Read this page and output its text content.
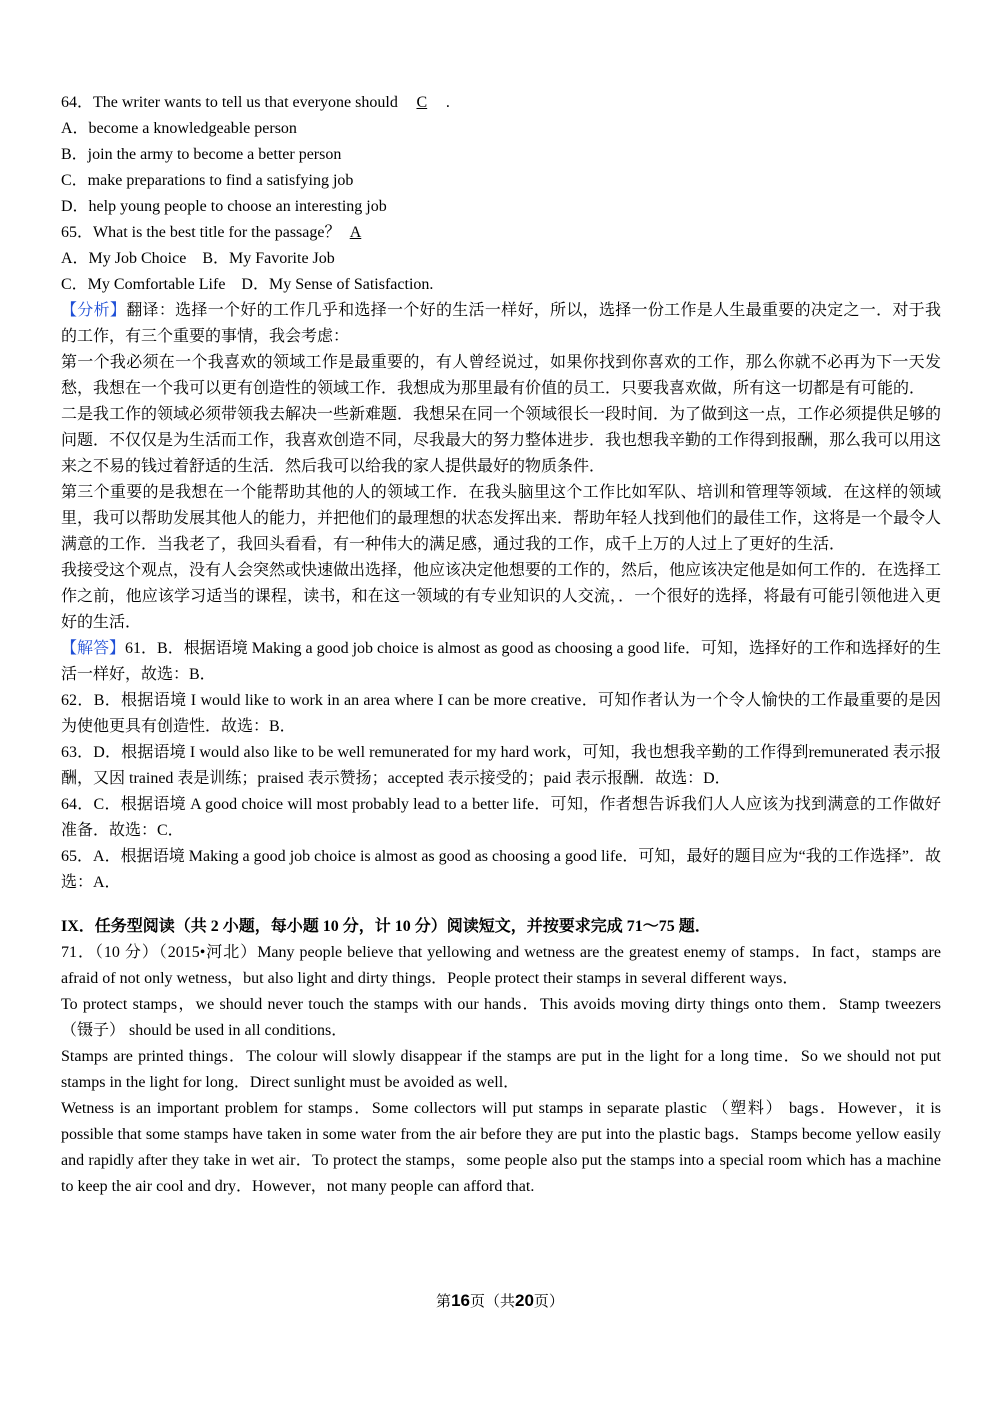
64．The writer wants to tell us that everyone should C .
A．become a knowledgeable person
B．join the army to become a better person
C．make preparations to find a satisfying job
D．help young people to choose an interesting job
65．What is the best title for the passage？ A
A．My Job Choice　B．My Favorite Job
C．My Comfortable Life　D．My Sense of Satisfaction.
【分析】翻译：选择一个好的工作几乎和选择一个好的生活一样好，所以，选择一份工作是人生最重要的决定之一．对于我的工作，有三个重要的事情，我会考虑：
第一个我必须在一个我喜欢的领域工作是最重要的，有人曾经说过，如果你找到你喜欢的工作，那么你就不必再为下一天发愁，我想在一个我可以更有创造性的领域工作．我想成为那里最有价值的员工．只要我喜欢做，所有这一切都是有可能的．
二是我工作的领域必须带领我去解决一些新难题．我想呆在同一个领域很长一段时间．为了做到这一点，工作必须提供足够的问题．不仅仅是为生活而工作，我喜欢创造不同，尽我最大的努力整体进步．我也想我辛勤的工作得到报酬，那么我可以用这来之不易的钱过着舒适的生活．然后我可以给我的家人提供最好的物质条件．
第三个重要的是我想在一个能帮助其他的人的领域工作．在我头脑里这个工作比如军队、培训和管理等领域．在这样的领域里，我可以帮助发展其他人的能力，并把他们的最理想的状态发挥出来．帮助年轻人找到他们的最佳工作，这将是一个最令人满意的工作．当我老了，我回头看看，有一种伟大的满足感，通过我的工作，成千上万的人过上了更好的生活．
我接受这个观点，没有人会突然或快速做出选择，他应该决定他想要的工作的，然后，他应该决定他是如何工作的．在选择工作之前，他应该学习适当的课程，读书，和在这一领域的有专业知识的人交流，．一个很好的选择，将最有可能引领他进入更好的生活．
【解答】61．B．根据语境 Making a good job choice is almost as good as choosing a good life．可知，选择好的工作和选择好的生活一样好，故选：B．
62．B．根据语境 I would like to work in an area where I can be more creative．可知作者认为一个令人愉快的工作最重要的是因为使他更具有创造性．故选：B．
63．D．根据语境 I would also like to be well remunerated for my hard work，可知，我也想我辛勤的工作得到remunerated 表示报酬，又因 trained 表是训练；praised 表示赞扬；accepted 表示接受的；paid 表示报酬．故选：D．
64．C．根据语境 A good choice will most probably lead to a better life．可知，作者想告诉我们人人应该为找到满意的工作做好准备．故选：C．
65．A．根据语境 Making a good job choice is almost as good as choosing a good life．可知，最好的题目应为“我的工作选择”．故选：A．
IX．任务型阅读（共 2 小题，每小题 10 分，计 10 分）阅读短文，并按要求完成 71～75 题．
71．（10 分）（2015•河北）Many people believe that yellowing and wetness are the greatest enemy of stamps．In fact，stamps are afraid of not only wetness，but also light and dirty things．People protect their stamps in several different ways．
To protect stamps，we should never touch the stamps with our hands．This avoids moving dirty things onto them．Stamp tweezers （镊子） should be used in all conditions．
Stamps are printed things．The colour will slowly disappear if the stamps are put in the light for a long time．So we should not put stamps in the light for long．Direct sunlight must be avoided as well．
Wetness is an important problem for stamps．Some collectors will put stamps in separate plastic （塑料） bags．However，it is possible that some stamps have taken in some water from the air before they are put into the plastic bags．Stamps become yellow easily and rapidly after they take in wet air．To protect the stamps，some people also put the stamps into a special room which has a machine to keep the air cool and dry．However，not many people can afford that.
第16页（共20页）
